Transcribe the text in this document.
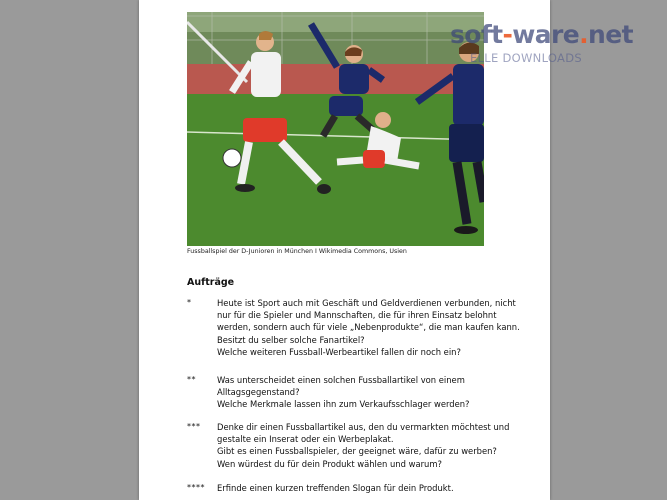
Fussballspiel der D-Junioren in München I Wikimedia Commons, Usien
Aufträge
*	Heute ist Sport auch mit Geschäft und Geldverdienen verbunden, nicht
nur für die Spieler und Mannschaften, die für ihren Einsatz belohnt
werden, sondern auch für viele „Nebenprodukte“, die man kaufen kann.
Besitzt du selber solche Fanartikel?
Welche weiteren Fussball-Werbeartikel fallen dir noch ein?
**	Was unterscheidet einen solchen Fussballartikel von einem
Alltagsgegenstand?
Welche Merkmale lassen ihn zum Verkaufsschlager werden?
***	Denke dir einen Fussballartikel aus, den du vermarkten möchtest und
gestalte ein Inserat oder ein Werbeplakat.
Gibt es einen Fussballspieler, der geeignet wäre, dafür zu werben?
Wen würdest du für dein Produkt wählen und warum?
****	Erfinde einen kurzen treffenden Slogan für dein Produkt.
soft-ware.net
ELLE DOWNLOADS
